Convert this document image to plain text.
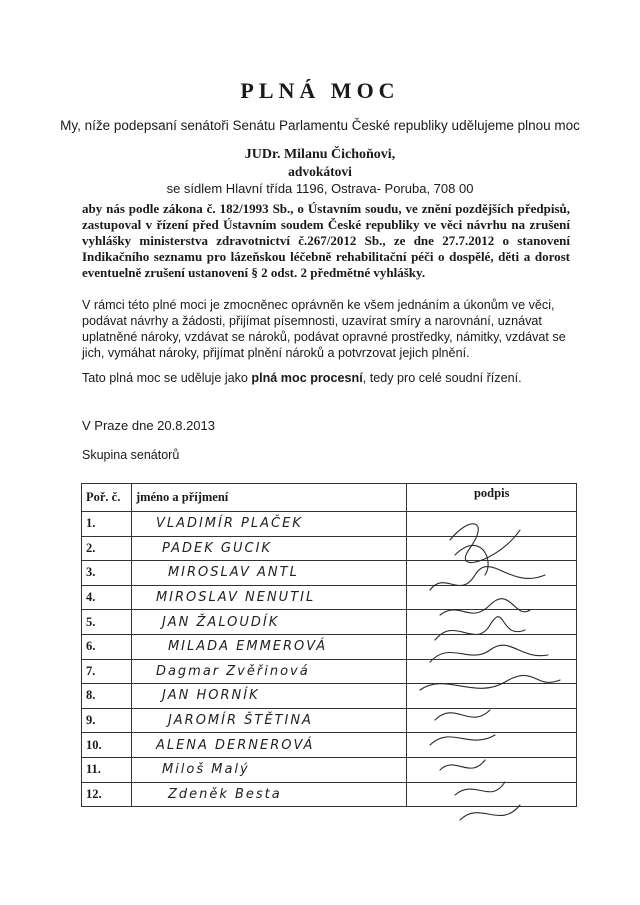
PLNÁ MOC
My, níže podepsaní senátoři Senátu Parlamentu České republiky udělujeme plnou moc
JUDr. Milanu Čichoňovi,
advokátovi
se sídlem Hlavní třída 1196, Ostrava- Poruba, 708 00
aby nás podle zákona č. 182/1993 Sb., o Ústavním soudu, ve znění pozdějších předpisů, zastupoval v řízení před Ústavním soudem České republiky ve věci návrhu na zrušení vyhlášky ministerstva zdravotnictví č.267/2012 Sb., ze dne 27.7.2012 o stanovení Indikačního seznamu pro lázeňskou léčebně rehabilitační péči o dospělé, děti a dorost eventuelně zrušení ustanovení § 2 odst. 2 předmětné vyhlášky.
V rámci této plné moci je zmocněnec oprávněn ke všem jednáním a úkonům ve věci, podávat návrhy a žádosti, přijímat písemnosti, uzavírat smíry a narovnání, uznávat uplatněné nároky, vzdávat se nároků, podávat opravné prostředky, námitky, vzdávat se jich, vymáhat nároky, přijímat plnění nároků a potvrzovat jejich plnění.
Tato plná moc se uděluje jako plná moc procesní, tedy pro celé soudní řízení.
V Praze dne 20.8.2013
Skupina senátorů
Poř. č.	jméno a příjmení	podpis
1.	VLADIMÍR PLAČEK	
2.	PADEK GUCIK	
3.	MIROSLAV ANTL	
4.	MIROSLAV NENUTIL	
5.	JAN ŽALOUDÍK	
6.	MILADA EMMEROVÁ	
7.	Dagmar Zvěřinová	
8.	JAN HORNÍK	
9.	JAROMÍR ŠTĚTINA	
10.	ALENA DERNEROVÁ	
11.	Miloš Malý	
12.	Zdeněk Besta	
